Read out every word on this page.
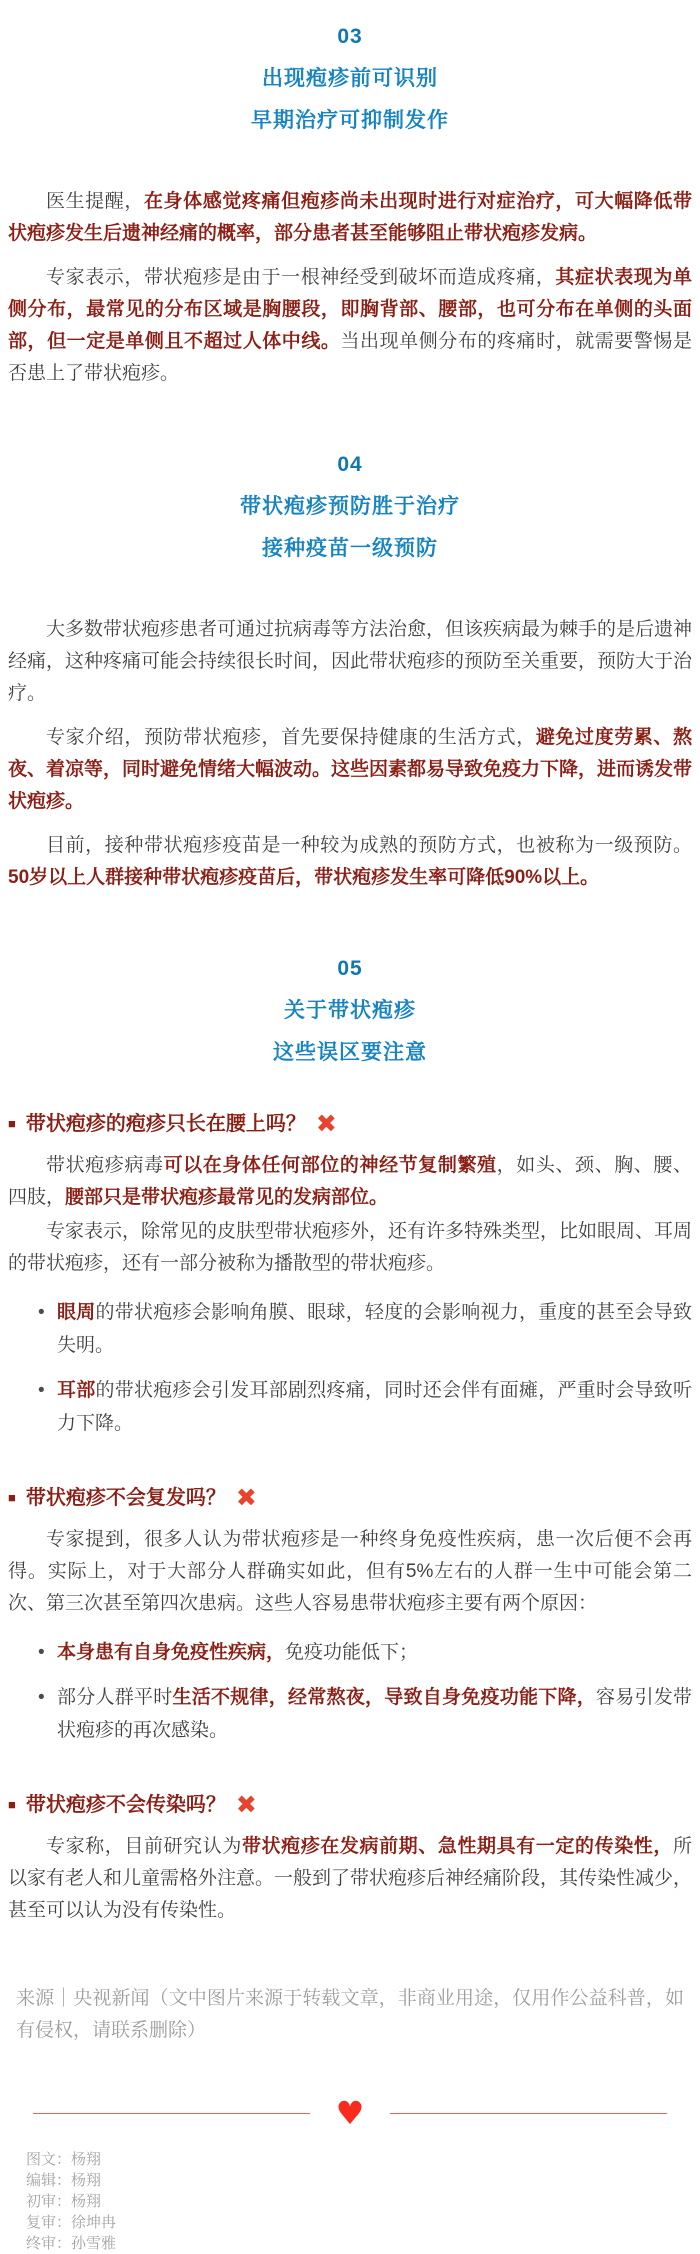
03
出现疱疹前可识别
早期治疗可抑制发作

医生提醒，在身体感觉疼痛但疱疹尚未出现时进行对症治疗，可大幅降低带状疱疹发生后遗神经痛的概率，部分患者甚至能够阻止带状疱疹发病。

专家表示，带状疱疹是由于一根神经受到破坏而造成疼痛，其症状表现为单侧分布，最常见的分布区域是胸腰段，即胸背部、腰部，也可分布在单侧的头面部，但一定是单侧且不超过人体中线。当出现单侧分布的疼痛时，就需要警惕是否患上了带状疱疹。

04
带状疱疹预防胜于治疗
接种疫苗一级预防

大多数带状疱疹患者可通过抗病毒等方法治愈，但该疾病最为棘手的是后遗神经痛，这种疼痛可能会持续很长时间，因此带状疱疹的预防至关重要，预防大于治疗。

专家介绍，预防带状疱疹，首先要保持健康的生活方式，避免过度劳累、熬夜、着凉等，同时避免情绪大幅波动。这些因素都易导致免疫力下降，进而诱发带状疱疹。

目前，接种带状疱疹疫苗是一种较为成熟的预防方式，也被称为一级预防。50岁以上人群接种带状疱疹疫苗后，带状疱疹发生率可降低90%以上。

05
关于带状疱疹
这些误区要注意
■ 带状疱疹的疱疹只长在腰上吗？ ✖

带状疱疹病毒可以在身体任何部位的神经节复制繁殖，如头、颈、胸、腰、四肢，腰部只是带状疱疹最常见的发病部位。

专家表示，除常见的皮肤型带状疱疹外，还有许多特殊类型，比如眼周、耳周的带状疱疹，还有一部分被称为播散型的带状疱疹。

• 眼周的带状疱疹会影响角膜、眼球，轻度的会影响视力，重度的甚至会导致失明。
• 耳部的带状疱疹会引发耳部剧烈疼痛，同时还会伴有面瘫，严重时会导致听力下降。
■ 带状疱疹不会复发吗？ ✖

专家提到，很多人认为带状疱疹是一种终身免疫性疾病，患一次后便不会再得。实际上，对于大部分人群确实如此，但有5%左右的人群一生中可能会第二次、第三次甚至第四次患病。这些人容易患带状疱疹主要有两个原因：

• 本身患有自身免疫性疾病，免疫功能低下；
• 部分人群平时生活不规律，经常熬夜，导致自身免疫功能下降，容易引发带状疱疹的再次感染。
■ 带状疱疹不会传染吗？ ✖

专家称，目前研究认为带状疱疹在发病前期、急性期具有一定的传染性，所以家有老人和儿童需格外注意。一般到了带状疱疹后神经痛阶段，其传染性减少，甚至可以认为没有传染性。

来源｜央视新闻（文中图片来源于转载文章，非商业用途，仅用作公益科普，如有侵权，请联系删除）
♥
图文：杨翔
编辑：杨翔
初审：杨翔
复审：徐坤冉
终审：孙雪雅
